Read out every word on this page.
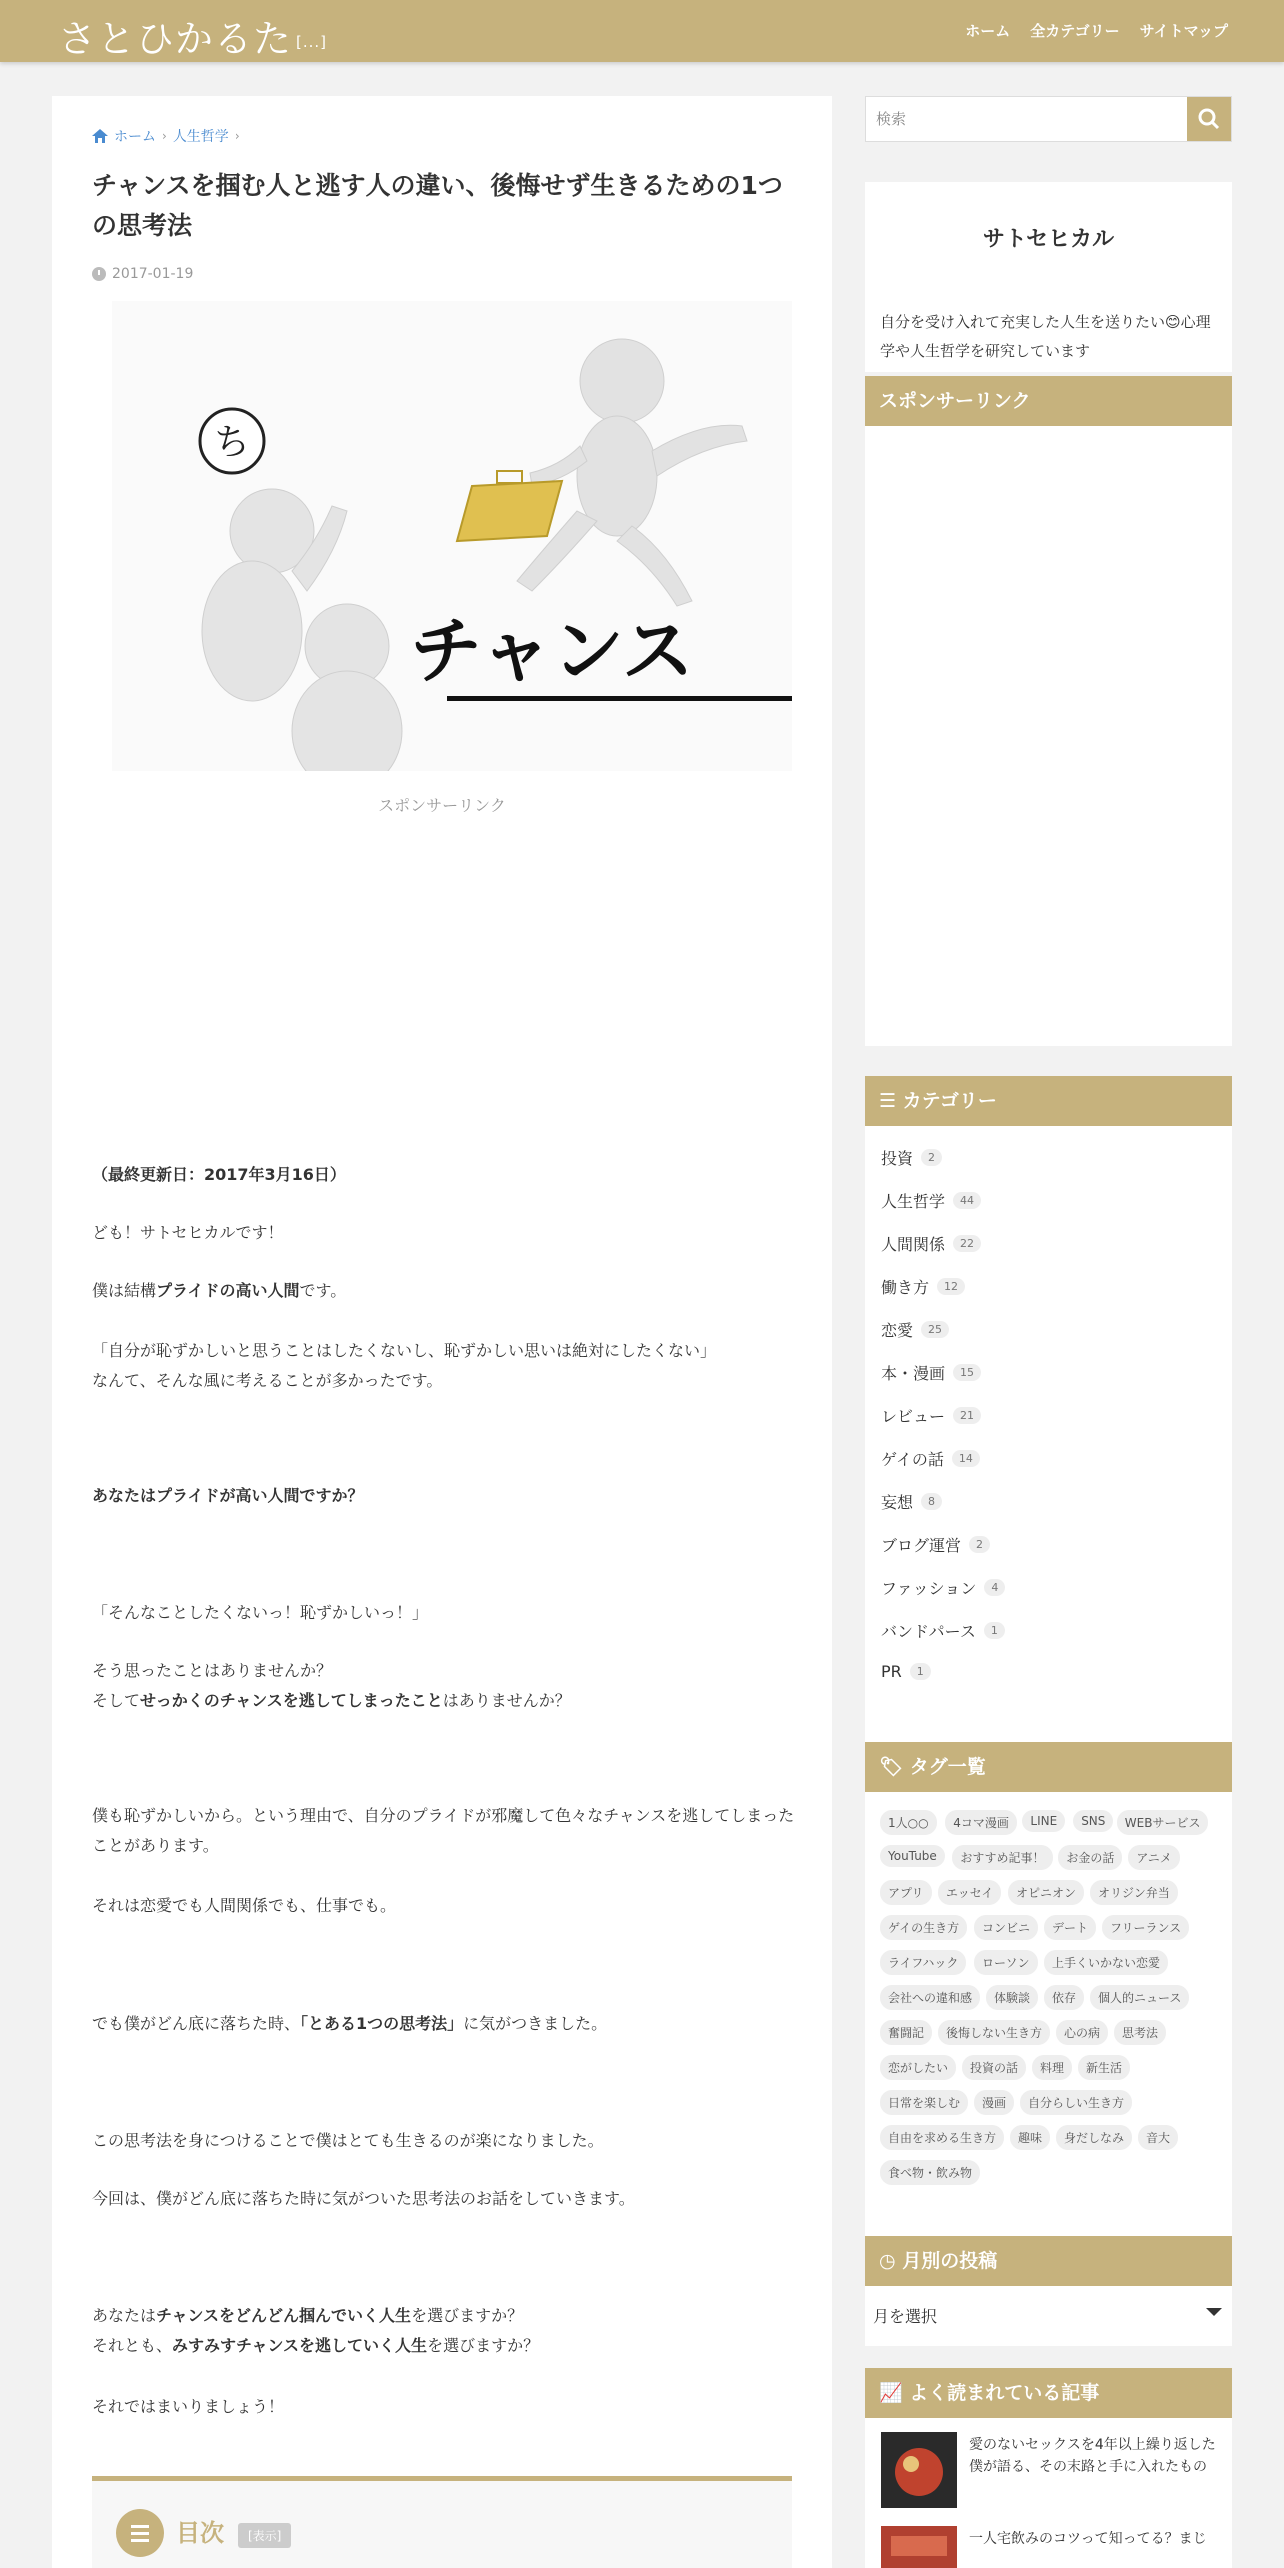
さとひかるた [...]
ホーム 全カテゴリー サイトマップ
ホーム › 人生哲学 ›
チャンスを掴む人と逃す人の違い、後悔せず生きるための1つの思考法
2017-01-19
ち
チャンス
スポンサーリンク
（最終更新日：2017年3月16日）
ども！サトセヒカルです！
僕は結構プライドの高い人間です。
「自分が恥ずかしいと思うことはしたくないし、恥ずかしい思いは絶対にしたくない」
なんて、そんな風に考えることが多かったです。
あなたはプライドが高い人間ですか？
「そんなことしたくないっ！恥ずかしいっ！」
そう思ったことはありませんか？
そしてせっかくのチャンスを逃してしまったことはありませんか？
僕も恥ずかしいから。という理由で、自分のプライドが邪魔して色々なチャンスを逃してしまったことがあります。
それは恋愛でも人間関係でも、仕事でも。
でも僕がどん底に落ちた時、「とある1つの思考法」に気がつきました。
この思考法を身につけることで僕はとても生きるのが楽になりました。
今回は、僕がどん底に落ちた時に気がついた思考法のお話をしていきます。
あなたはチャンスをどんどん掴んでいく人生を選びますか？
それとも、みすみすチャンスを逃していく人生を選びますか？
それではまいりましょう！
目次	[表示]
検索
サトセヒカル
自分を受け入れて充実した人生を送りたい😊心理学や人生哲学を研究しています
スポンサーリンク
☰ カテゴリー
投資	2
人生哲学	44
人間関係	22
働き方	12
恋愛	25
本・漫画	15
レビュー	21
ゲイの話	14
妄想	8
ブログ運営	2
ファッション	4
バンドパース	1
PR	1
🏷 タグ一覧
1人○○	4コマ漫画	LINE	SNS	WEBサービス
YouTube	おすすめ記事！	お金の話	アニメ
アプリ	エッセイ	オピニオン	オリジン弁当
ゲイの生き方	コンビニ	デート	フリーランス
ライフハック	ローソン	上手くいかない恋愛
会社への違和感	体験談	依存	個人的ニュース
奮闘記	後悔しない生き方	心の病	思考法
恋がしたい	投資の話	料理	新生活
日常を楽しむ	漫画	自分らしい生き方
自由を求める生き方	趣味	身だしなみ	音大
食べ物・飲み物
◷ 月別の投稿
月を選択
📈 よく読まれている記事
愛のないセックスを4年以上繰り返した僕が語る、その末路と手に入れたもの
一人宅飲みのコツって知ってる？まじ
